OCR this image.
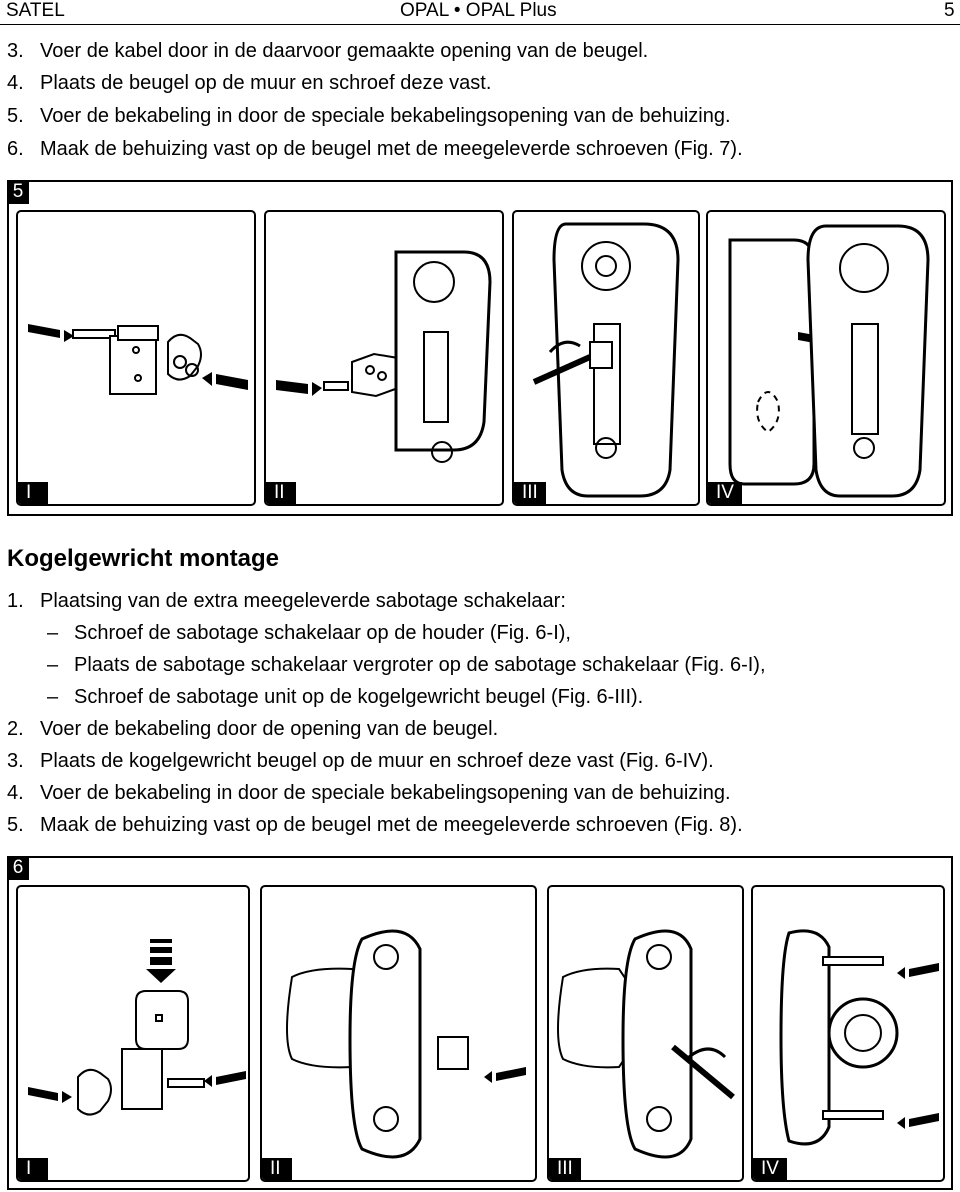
SATEL	OPAL • OPAL Plus	5
3. Voer de kabel door in de daarvoor gemaakte opening van de beugel.
4. Plaats de beugel op de muur en schroef deze vast.
5. Voer de bekabeling in door de speciale bekabelingsopening van de behuizing.
6. Maak de behuizing vast op de beugel met de meegeleverde schroeven (Fig. 7).
5
I	II	III	IV
Kogelgewricht montage
1. Plaatsing van de extra meegeleverde sabotage schakelaar:
– Schroef de sabotage schakelaar op de houder (Fig. 6-I),
– Plaats de sabotage schakelaar vergroter op de sabotage schakelaar (Fig. 6-I),
– Schroef de sabotage unit op de kogelgewricht beugel (Fig. 6-III).
2. Voer de bekabeling door de opening van de beugel.
3. Plaats de kogelgewricht beugel op de muur en schroef deze vast (Fig. 6-IV).
4. Voer de bekabeling in door de speciale bekabelingsopening van de behuizing.
5. Maak de behuizing vast op de beugel met de meegeleverde schroeven (Fig. 8).
6
I	II	III	IV
